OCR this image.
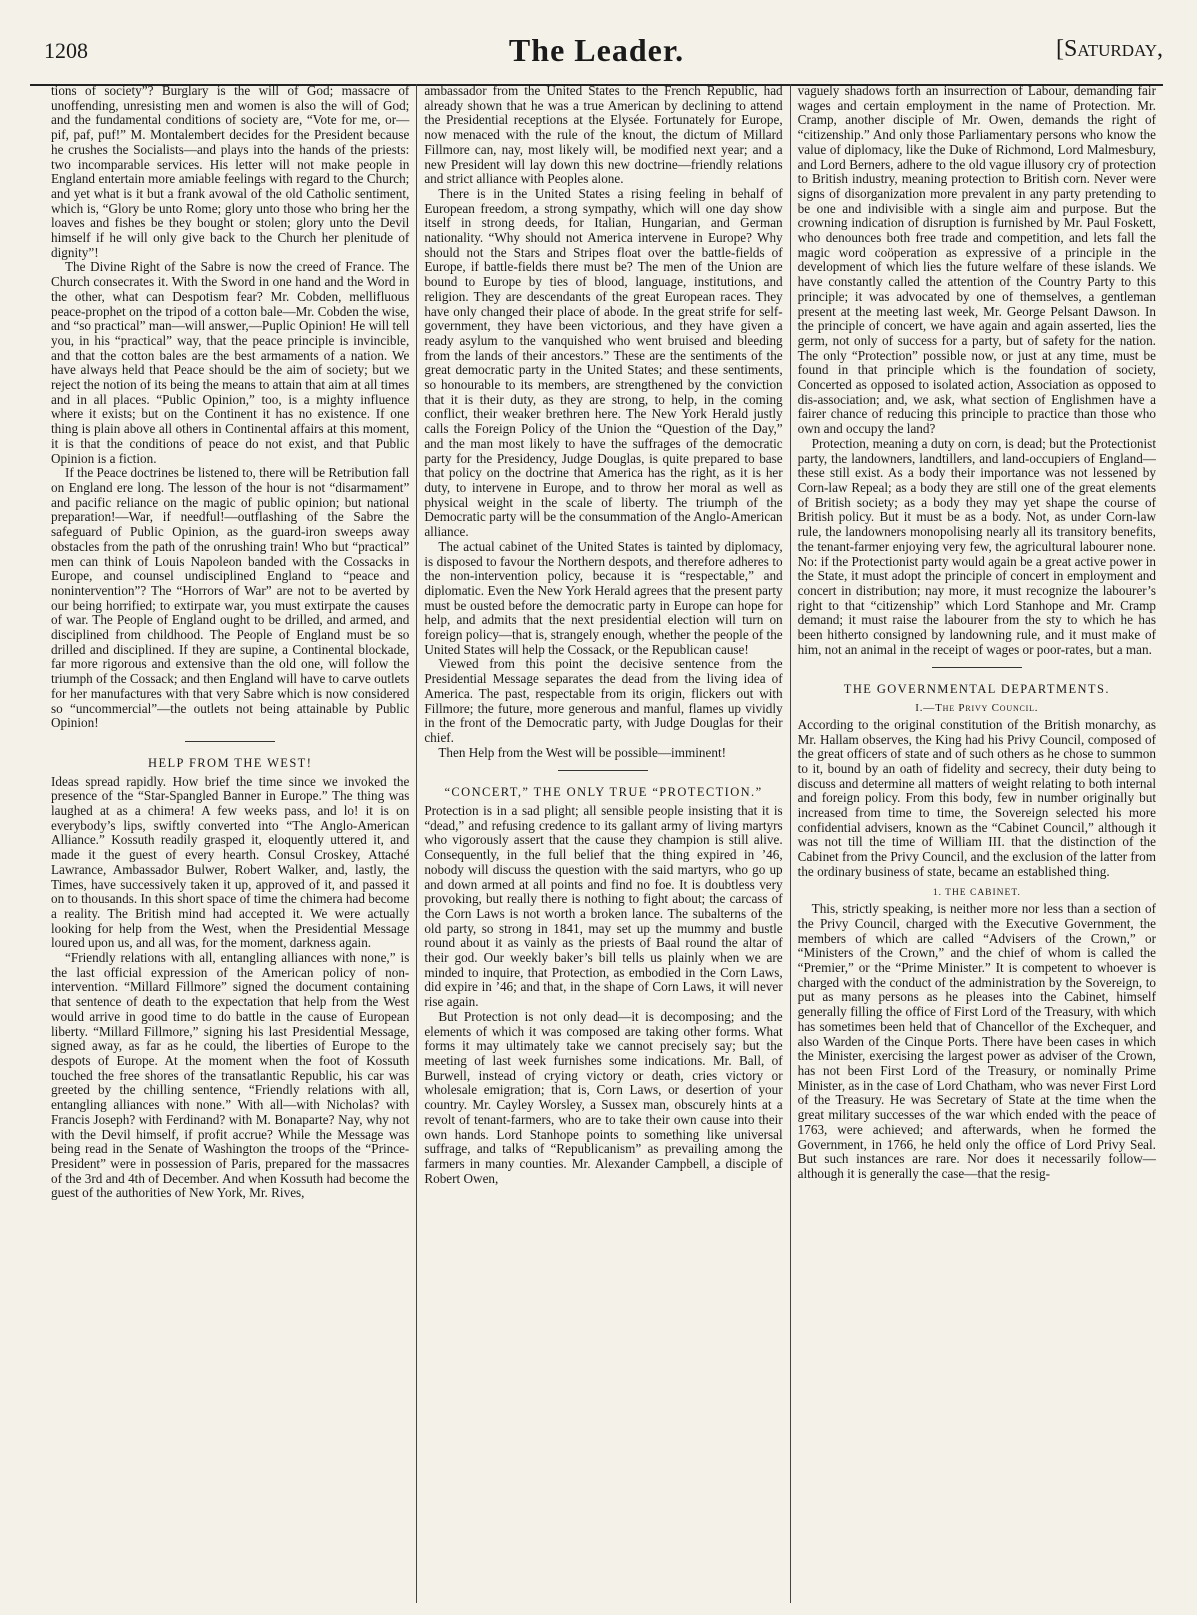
1208	The Leader.	[Saturday,

tions of society”? Burglary is the will of God; massacre of unoffending, unresisting men and women is also the will of God; and the fundamental conditions of society are, “Vote for me, or—pif, paf, puf!” M. Montalembert decides for the President because he crushes the Socialists—and plays into the hands of the priests: two incomparable services. His letter will not make people in England entertain more amiable feelings with regard to the Church; and yet what is it but a frank avowal of the old Catholic sentiment, which is, “Glory be unto Rome; glory unto those who bring her the loaves and fishes be they bought or stolen; glory unto the Devil himself if he will only give back to the Church her plenitude of dignity”!

The Divine Right of the Sabre is now the creed of France. The Church consecrates it. With the Sword in one hand and the Word in the other, what can Despotism fear? Mr. Cobden, mellifluous peace-prophet on the tripod of a cotton bale—Mr. Cobden the wise, and “so practical” man—will answer,—Puplic Opinion! He will tell you, in his “practical” way, that the peace principle is invincible, and that the cotton bales are the best armaments of a nation. We have always held that Peace should be the aim of society; but we reject the notion of its being the means to attain that aim at all times and in all places. “Public Opinion,” too, is a mighty influence where it exists; but on the Continent it has no existence. If one thing is plain above all others in Continental affairs at this moment, it is that the conditions of peace do not exist, and that Public Opinion is a fiction.

If the Peace doctrines be listened to, there will be Retribution fall on England ere long. The lesson of the hour is not “disarmament” and pacific reliance on the magic of public opinion; but national preparation!—War, if needful!—outflashing of the Sabre the safeguard of Public Opinion, as the guard-iron sweeps away obstacles from the path of the onrushing train! Who but “practical” men can think of Louis Napoleon banded with the Cossacks in Europe, and counsel undisciplined England to “peace and nonintervention”? The “Horrors of War” are not to be averted by our being horrified; to extirpate war, you must extirpate the causes of war. The People of England ought to be drilled, and armed, and disciplined from childhood. The People of England must be so drilled and disciplined. If they are supine, a Continental blockade, far more rigorous and extensive than the old one, will follow the triumph of the Cossack; and then England will have to carve outlets for her manufactures with that very Sabre which is now considered so “uncommercial”—the outlets not being attainable by Public Opinion!

HELP FROM THE WEST!

Ideas spread rapidly. How brief the time since we invoked the presence of the “Star-Spangled Banner in Europe.” The thing was laughed at as a chimera! A few weeks pass, and lo! it is on everybody’s lips, swiftly converted into “The Anglo-American Alliance.” Kossuth readily grasped it, eloquently uttered it, and made it the guest of every hearth. Consul Croskey, Attaché Lawrance, Ambassador Bulwer, Robert Walker, and, lastly, the Times, have successively taken it up, approved of it, and passed it on to thousands. In this short space of time the chimera had become a reality. The British mind had accepted it. We were actually looking for help from the West, when the Presidential Message loured upon us, and all was, for the moment, darkness again.

“Friendly relations with all, entangling alliances with none,” is the last official expression of the American policy of non-intervention. “Millard Fillmore” signed the document containing that sentence of death to the expectation that help from the West would arrive in good time to do battle in the cause of European liberty. “Millard Fillmore,” signing his last Presidential Message, signed away, as far as he could, the liberties of Europe to the despots of Europe. At the moment when the foot of Kossuth touched the free shores of the transatlantic Republic, his car was greeted by the chilling sentence, “Friendly relations with all, entangling alliances with none.” With all—with Nicholas? with Francis Joseph? with Ferdinand? with M. Bonaparte? Nay, why not with the Devil himself, if profit accrue? While the Message was being read in the Senate of Washington the troops of the “Prince-President” were in possession of Paris, prepared for the massacres of the 3rd and 4th of December. And when Kossuth had become the guest of the authorities of New York, Mr. Rives,

ambassador from the United States to the French Republic, had already shown that he was a true American by declining to attend the Presidential receptions at the Elysée. Fortunately for Europe, now menaced with the rule of the knout, the dictum of Millard Fillmore can, nay, most likely will, be modified next year; and a new President will lay down this new doctrine—friendly relations and strict alliance with Peoples alone.

There is in the United States a rising feeling in behalf of European freedom, a strong sympathy, which will one day show itself in strong deeds, for Italian, Hungarian, and German nationality. “Why should not America intervene in Europe? Why should not the Stars and Stripes float over the battle-fields of Europe, if battle-fields there must be? The men of the Union are bound to Europe by ties of blood, language, institutions, and religion. They are descendants of the great European races. They have only changed their place of abode. In the great strife for self-government, they have been victorious, and they have given a ready asylum to the vanquished who went bruised and bleeding from the lands of their ancestors.” These are the sentiments of the great democratic party in the United States; and these sentiments, so honourable to its members, are strengthened by the conviction that it is their duty, as they are strong, to help, in the coming conflict, their weaker brethren here. The New York Herald justly calls the Foreign Policy of the Union the “Question of the Day,” and the man most likely to have the suffrages of the democratic party for the Presidency, Judge Douglas, is quite prepared to base that policy on the doctrine that America has the right, as it is her duty, to intervene in Europe, and to throw her moral as well as physical weight in the scale of liberty. The triumph of the Democratic party will be the consummation of the Anglo-American alliance.

The actual cabinet of the United States is tainted by diplomacy, is disposed to favour the Northern despots, and therefore adheres to the non-intervention policy, because it is “respectable,” and diplomatic. Even the New York Herald agrees that the present party must be ousted before the democratic party in Europe can hope for help, and admits that the next presidential election will turn on foreign policy—that is, strangely enough, whether the people of the United States will help the Cossack, or the Republican cause!

Viewed from this point the decisive sentence from the Presidential Message separates the dead from the living idea of America. The past, respectable from its origin, flickers out with Fillmore; the future, more generous and manful, flames up vividly in the front of the Democratic party, with Judge Douglas for their chief.

Then Help from the West will be possible—imminent!

“CONCERT,” THE ONLY TRUE “PROTECTION.”

Protection is in a sad plight; all sensible people insisting that it is “dead,” and refusing credence to its gallant army of living martyrs who vigorously assert that the cause they champion is still alive. Consequently, in the full belief that the thing expired in ’46, nobody will discuss the question with the said martyrs, who go up and down armed at all points and find no foe. It is doubtless very provoking, but really there is nothing to fight about; the carcass of the Corn Laws is not worth a broken lance. The subalterns of the old party, so strong in 1841, may set up the mummy and bustle round about it as vainly as the priests of Baal round the altar of their god. Our weekly baker’s bill tells us plainly when we are minded to inquire, that Protection, as embodied in the Corn Laws, did expire in ’46; and that, in the shape of Corn Laws, it will never rise again.

But Protection is not only dead—it is decomposing; and the elements of which it was composed are taking other forms. What forms it may ultimately take we cannot precisely say; but the meeting of last week furnishes some indications. Mr. Ball, of Burwell, instead of crying victory or death, cries victory or wholesale emigration; that is, Corn Laws, or desertion of your country. Mr. Cayley Worsley, a Sussex man, obscurely hints at a revolt of tenant-farmers, who are to take their own cause into their own hands. Lord Stanhope points to something like universal suffrage, and talks of “Republicanism” as prevailing among the farmers in many counties. Mr. Alexander Campbell, a disciple of Robert Owen,

vaguely shadows forth an insurrection of Labour, demanding fair wages and certain employment in the name of Protection. Mr. Cramp, another disciple of Mr. Owen, demands the right of “citizenship.” And only those Parliamentary persons who know the value of diplomacy, like the Duke of Richmond, Lord Malmesbury, and Lord Berners, adhere to the old vague illusory cry of protection to British industry, meaning protection to British corn. Never were signs of disorganization more prevalent in any party pretending to be one and indivisible with a single aim and purpose. But the crowning indication of disruption is furnished by Mr. Paul Foskett, who denounces both free trade and competition, and lets fall the magic word coöperation as expressive of a principle in the development of which lies the future welfare of these islands. We have constantly called the attention of the Country Party to this principle; it was advocated by one of themselves, a gentleman present at the meeting last week, Mr. George Pelsant Dawson. In the principle of concert, we have again and again asserted, lies the germ, not only of success for a party, but of safety for the nation. The only “Protection” possible now, or just at any time, must be found in that principle which is the foundation of society, Concerted as opposed to isolated action, Association as opposed to dis-association; and, we ask, what section of Englishmen have a fairer chance of reducing this principle to practice than those who own and occupy the land?

Protection, meaning a duty on corn, is dead; but the Protectionist party, the landowners, landtillers, and land-occupiers of England—these still exist. As a body their importance was not lessened by Corn-law Repeal; as a body they are still one of the great elements of British society; as a body they may yet shape the course of British policy. But it must be as a body. Not, as under Corn-law rule, the landowners monopolising nearly all its transitory benefits, the tenant-farmer enjoying very few, the agricultural labourer none. No: if the Protectionist party would again be a great active power in the State, it must adopt the principle of concert in employment and concert in distribution; nay more, it must recognize the labourer’s right to that “citizenship” which Lord Stanhope and Mr. Cramp demand; it must raise the labourer from the sty to which he has been hitherto consigned by landowning rule, and it must make of him, not an animal in the receipt of wages or poor-rates, but a man.

THE GOVERNMENTAL DEPARTMENTS.
I.—The Privy Council.

According to the original constitution of the British monarchy, as Mr. Hallam observes, the King had his Privy Council, composed of the great officers of state and of such others as he chose to summon to it, bound by an oath of fidelity and secrecy, their duty being to discuss and determine all matters of weight relating to both internal and foreign policy. From this body, few in number originally but increased from time to time, the Sovereign selected his more confidential advisers, known as the “Cabinet Council,” although it was not till the time of William III. that the distinction of the Cabinet from the Privy Council, and the exclusion of the latter from the ordinary business of state, became an established thing.

1. THE CABINET.

This, strictly speaking, is neither more nor less than a section of the Privy Council, charged with the Executive Government, the members of which are called “Advisers of the Crown,” or “Ministers of the Crown,” and the chief of whom is called the “Premier,” or the “Prime Minister.” It is competent to whoever is charged with the conduct of the administration by the Sovereign, to put as many persons as he pleases into the Cabinet, himself generally filling the office of First Lord of the Treasury, with which has sometimes been held that of Chancellor of the Exchequer, and also Warden of the Cinque Ports. There have been cases in which the Minister, exercising the largest power as adviser of the Crown, has not been First Lord of the Treasury, or nominally Prime Minister, as in the case of Lord Chatham, who was never First Lord of the Treasury. He was Secretary of State at the time when the great military successes of the war which ended with the peace of 1763, were achieved; and afterwards, when he formed the Government, in 1766, he held only the office of Lord Privy Seal. But such instances are rare. Nor does it necessarily follow—although it is generally the case—that the resig-
